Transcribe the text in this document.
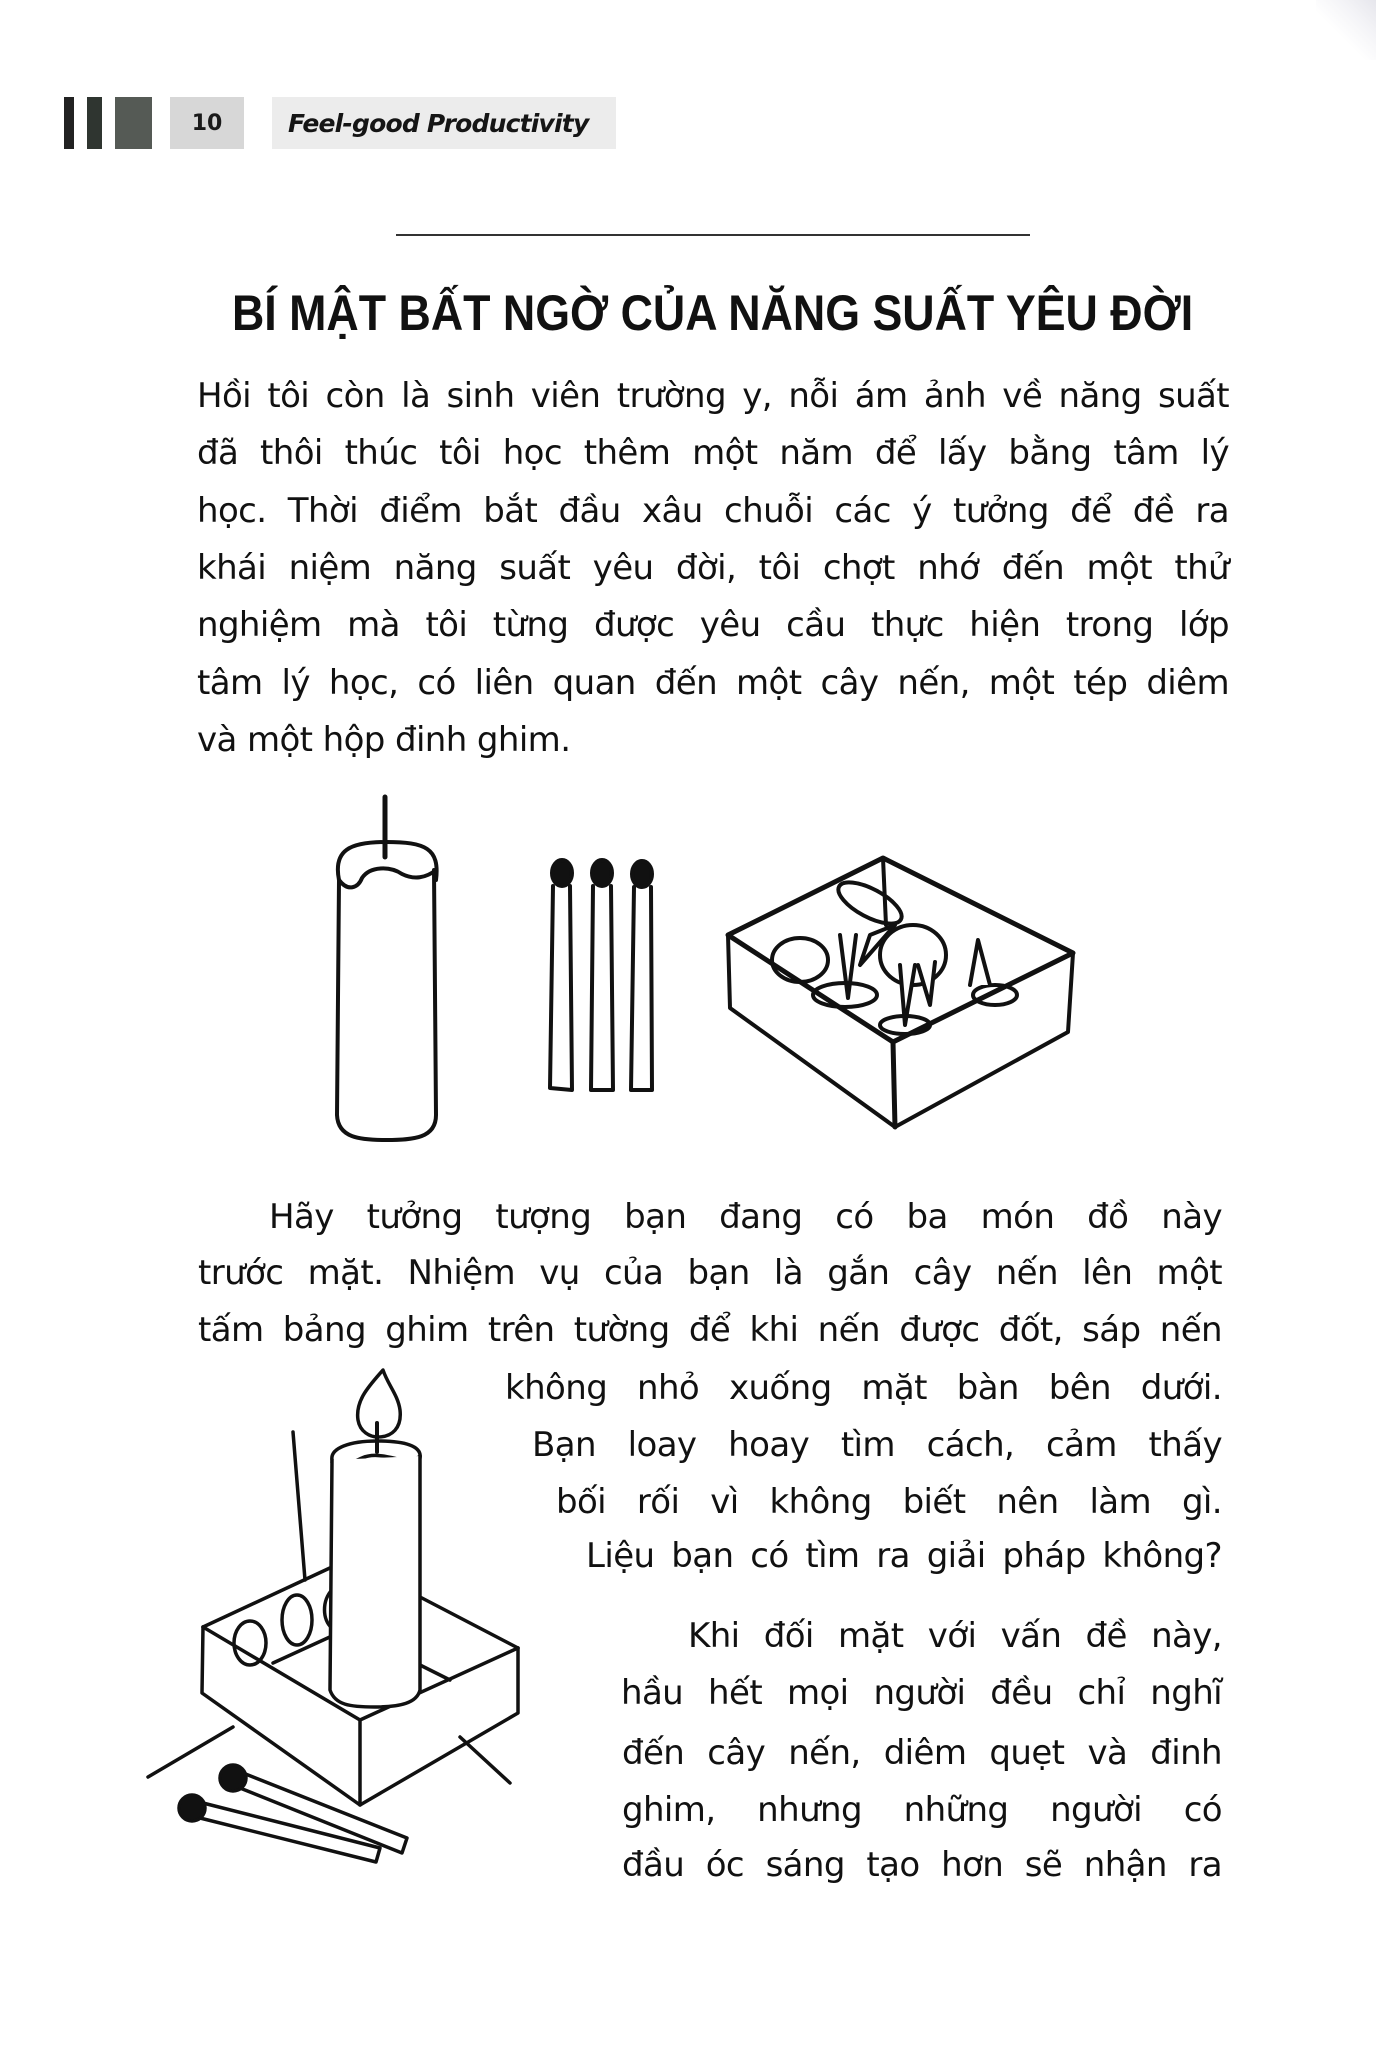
10	Feel-good Productivity
BÍ MẬT BẤT NGỜ CỦA NĂNG SUẤT YÊU ĐỜI
Hồi tôi còn là sinh viên trường y, nỗi ám ảnh về năng suất
đã thôi thúc tôi học thêm một năm để lấy bằng tâm lý
học. Thời điểm bắt đầu xâu chuỗi các ý tưởng để đề ra
khái niệm năng suất yêu đời, tôi chợt nhớ đến một thử
nghiệm mà tôi từng được yêu cầu thực hiện trong lớp
tâm lý học, có liên quan đến một cây nến, một tép diêm
và một hộp đinh ghim.
Hãy tưởng tượng bạn đang có ba món đồ này
trước mặt. Nhiệm vụ của bạn là gắn cây nến lên một
tấm bảng ghim trên tường để khi nến được đốt, sáp nến
không nhỏ xuống mặt bàn bên dưới.
Bạn loay hoay tìm cách, cảm thấy
bối rối vì không biết nên làm gì.
Liệu bạn có tìm ra giải pháp không?
Khi đối mặt với vấn đề này,
hầu hết mọi người đều chỉ nghĩ
đến cây nến, diêm quẹt và đinh
ghim, nhưng những người có
đầu óc sáng tạo hơn sẽ nhận ra
